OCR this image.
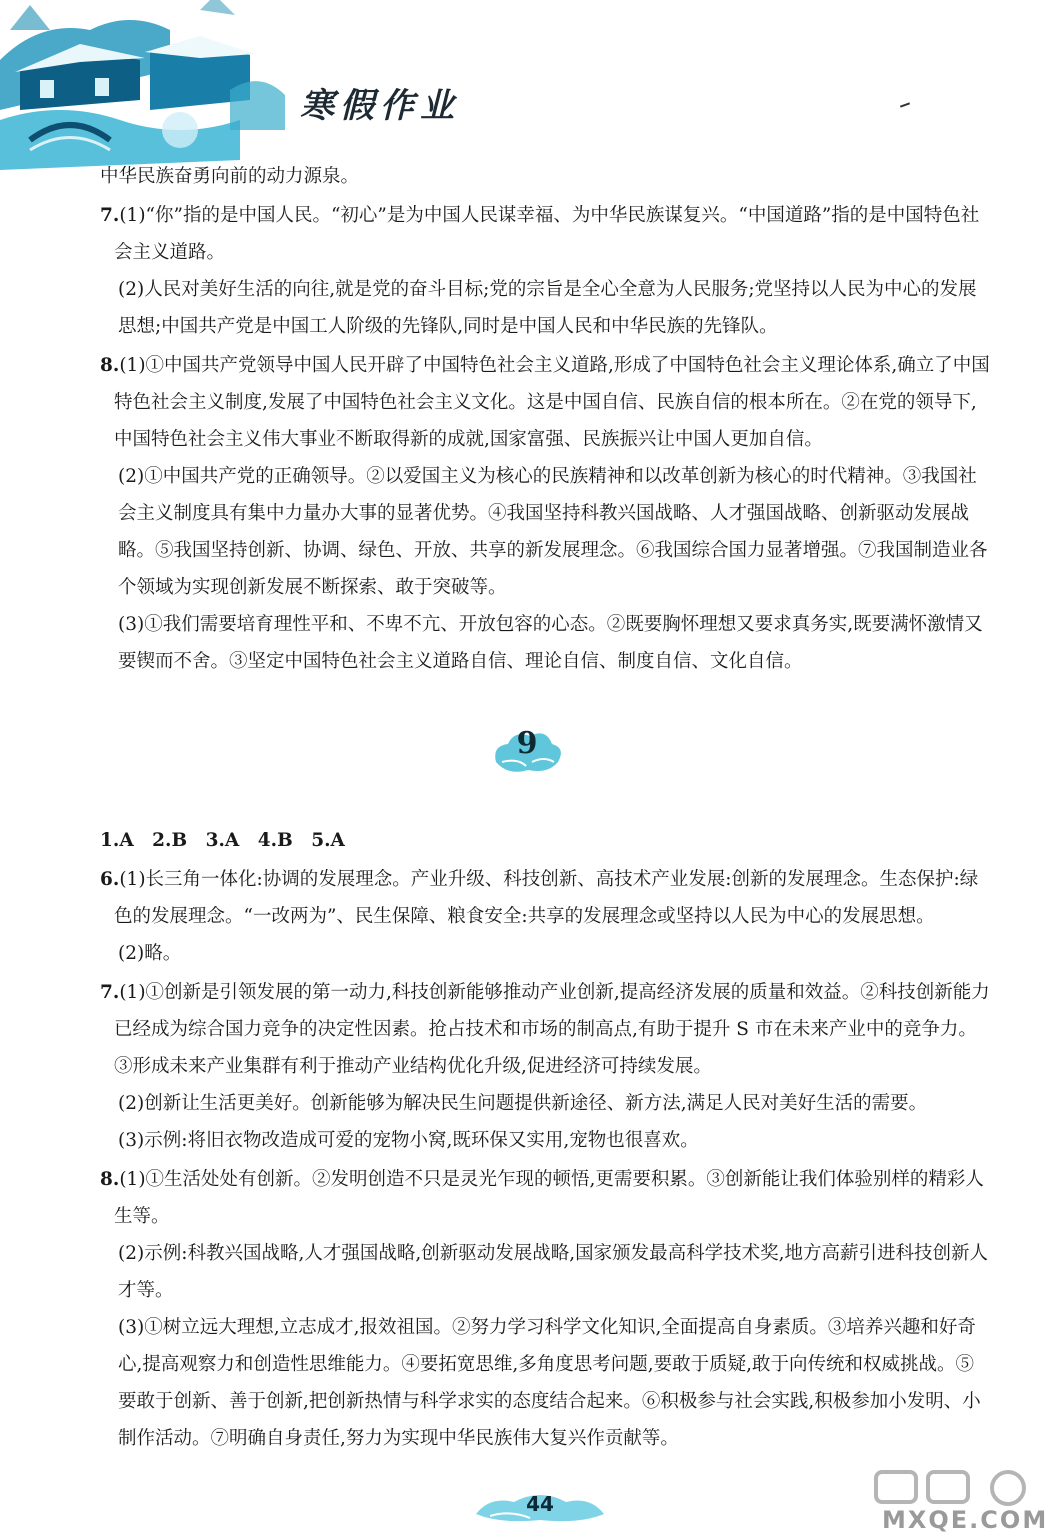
寒假作业

中华民族奋勇向前的动力源泉。

7.(1)“你”指的是中国人民。“初心”是为中国人民谋幸福、为中华民族谋复兴。“中国道路”指的是中国特色社会主义道路。

(2)人民对美好生活的向往,就是党的奋斗目标;党的宗旨是全心全意为人民服务;党坚持以人民为中心的发展思想;中国共产党是中国工人阶级的先锋队,同时是中国人民和中华民族的先锋队。

8.(1)①中国共产党领导中国人民开辟了中国特色社会主义道路,形成了中国特色社会主义理论体系,确立了中国特色社会主义制度,发展了中国特色社会主义文化。这是中国自信、民族自信的根本所在。②在党的领导下,中国特色社会主义伟大事业不断取得新的成就,国家富强、民族振兴让中国人更加自信。

(2)①中国共产党的正确领导。②以爱国主义为核心的民族精神和以改革创新为核心的时代精神。③我国社会主义制度具有集中力量办大事的显著优势。④我国坚持科教兴国战略、人才强国战略、创新驱动发展战略。⑤我国坚持创新、协调、绿色、开放、共享的新发展理念。⑥我国综合国力显著增强。⑦我国制造业各个领域为实现创新发展不断探索、敢于突破等。

(3)①我们需要培育理性平和、不卑不亢、开放包容的心态。②既要胸怀理想又要求真务实,既要满怀激情又要锲而不舍。③坚定中国特色社会主义道路自信、理论自信、制度自信、文化自信。

9

1.A　2.B　3.A　4.B　5.A

6.(1)长三角一体化:协调的发展理念。产业升级、科技创新、高技术产业发展:创新的发展理念。生态保护:绿色的发展理念。“一改两为”、民生保障、粮食安全:共享的发展理念或坚持以人民为中心的发展思想。

(2)略。

7.(1)①创新是引领发展的第一动力,科技创新能够推动产业创新,提高经济发展的质量和效益。②科技创新能力已经成为综合国力竞争的决定性因素。抢占技术和市场的制高点,有助于提升 S 市在未来产业中的竞争力。③形成未来产业集群有利于推动产业结构优化升级,促进经济可持续发展。

(2)创新让生活更美好。创新能够为解决民生问题提供新途径、新方法,满足人民对美好生活的需要。

(3)示例:将旧衣物改造成可爱的宠物小窝,既环保又实用,宠物也很喜欢。

8.(1)①生活处处有创新。②发明创造不只是灵光乍现的顿悟,更需要积累。③创新能让我们体验别样的精彩人生等。

(2)示例:科教兴国战略,人才强国战略,创新驱动发展战略,国家颁发最高科学技术奖,地方高薪引进科技创新人才等。

(3)①树立远大理想,立志成才,报效祖国。②努力学习科学文化知识,全面提高自身素质。③培养兴趣和好奇心,提高观察力和创造性思维能力。④要拓宽思维,多角度思考问题,要敢于质疑,敢于向传统和权威挑战。⑤要敢于创新、善于创新,把创新热情与科学求实的态度结合起来。⑥积极参与社会实践,积极参加小发明、小制作活动。⑦明确自身责任,努力为实现中华民族伟大复兴作贡献等。

44
MXQE.COM
